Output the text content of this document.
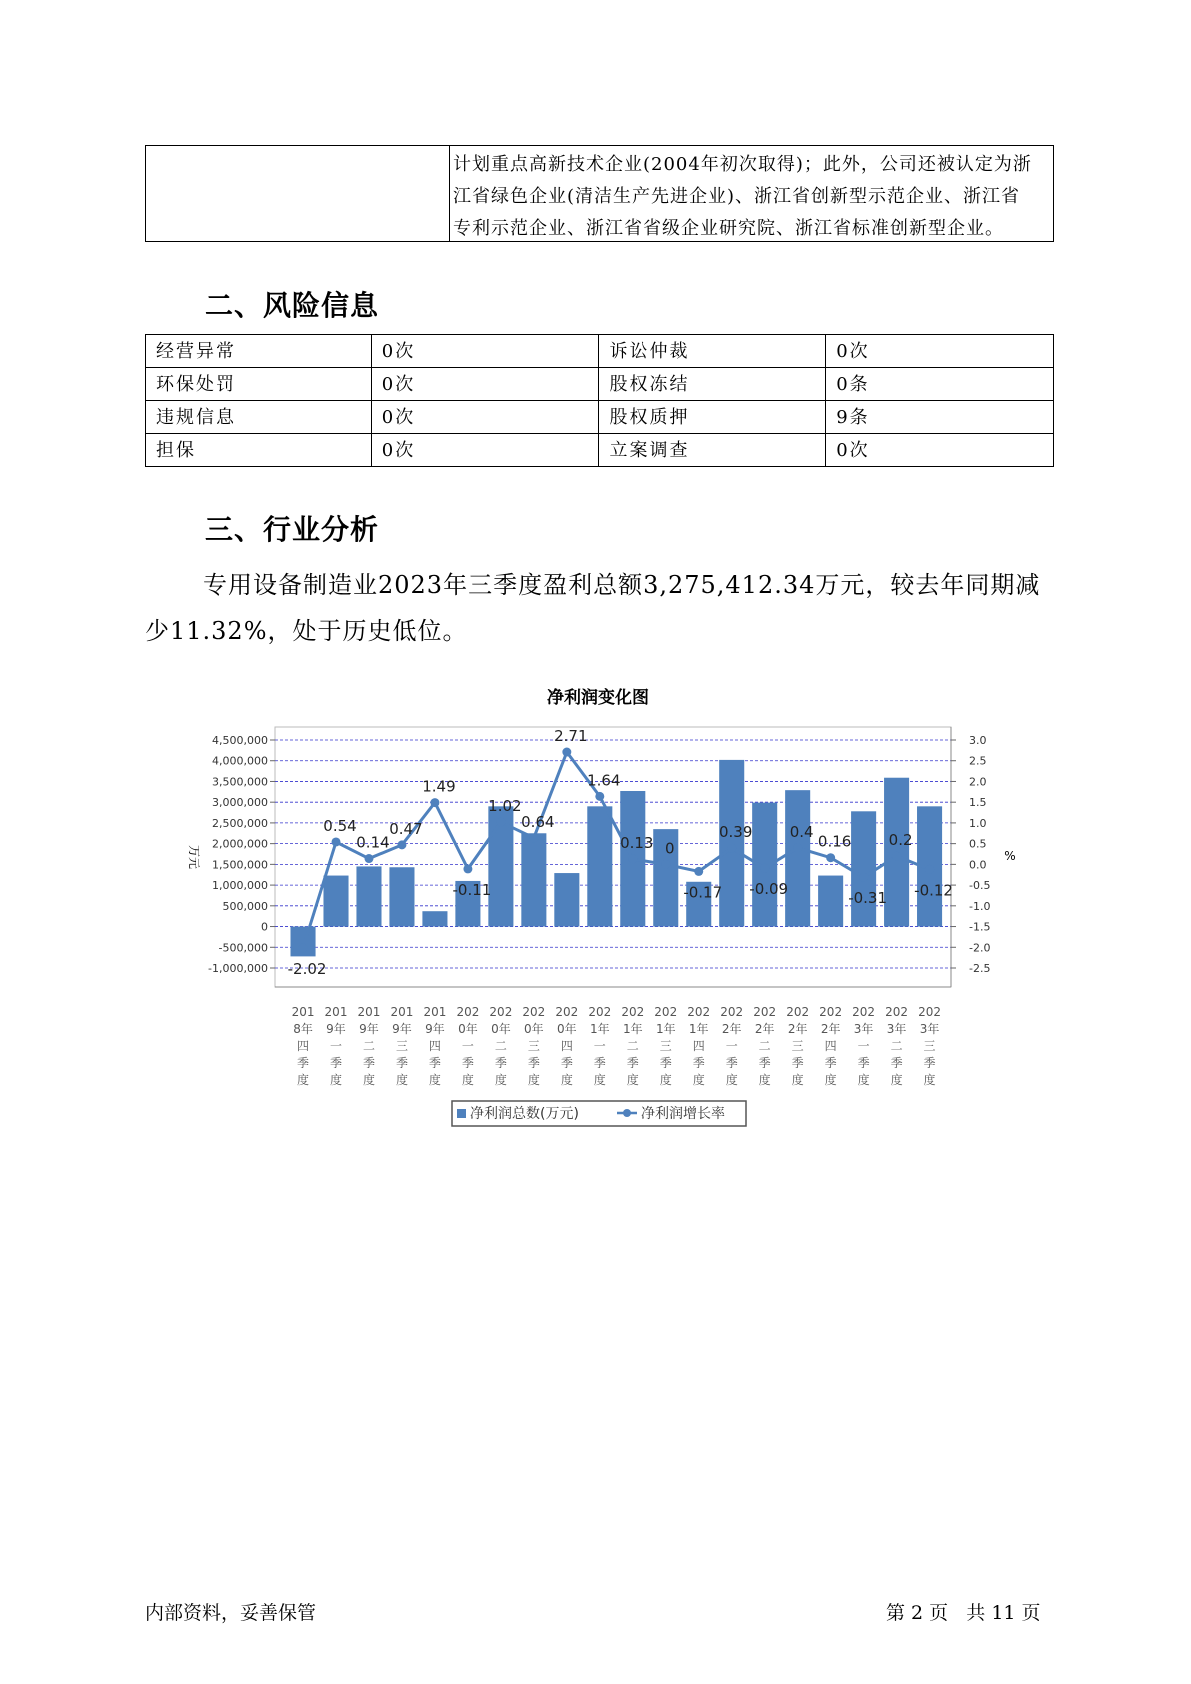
计划重点高新技术企业(2004年初次取得)；此外，公司还被认定为浙
江省绿色企业(清洁生产先进企业)、浙江省创新型示范企业、浙江省
专利示范企业、浙江省省级企业研究院、浙江省标准创新型企业。
二、风险信息
经营异常	0次	诉讼仲裁	0次
环保处罚	0次	股权冻结	0条
违规信息	0次	股权质押	9条
担保	0次	立案调查	0次
三、行业分析

专用设备制造业2023年三季度盈利总额3,275,412.34万元，较去年同期减少11.32%，处于历史低位。

净利润变化图
万元	%
4,500,000
4,000,000
3,500,000
3,000,000
2,500,000
2,000,000
1,500,000
1,000,000
500,000
0
-500,000
-1,000,000
3.0
2.5
2.0
1.5
1.0
0.5
0.0
-0.5
-1.0
-1.5
-2.0
-2.5
-2.02
0.54
0.14
0.47
1.49
-0.11
1.02
0.64
2.71
1.64
0.13 0
-0.17
0.39
-0.09
0.4
0.16
-0.31
0.2
-0.12
201 8年四季度
201 9年一季度
201 9年二季度
201 9年三季度
201 9年四季度
202 0年一季度
202 0年二季度
202 0年三季度
202 0年四季度
202 1年一季度
202 1年二季度
202 1年三季度
202 1年四季度
202 2年一季度
202 2年二季度
202 2年三季度
202 2年四季度
202 3年一季度
202 3年二季度
202 3年三季度
净利润总数(万元)	净利润增长率
内部资料，妥善保管	第 2 页   共 11 页
